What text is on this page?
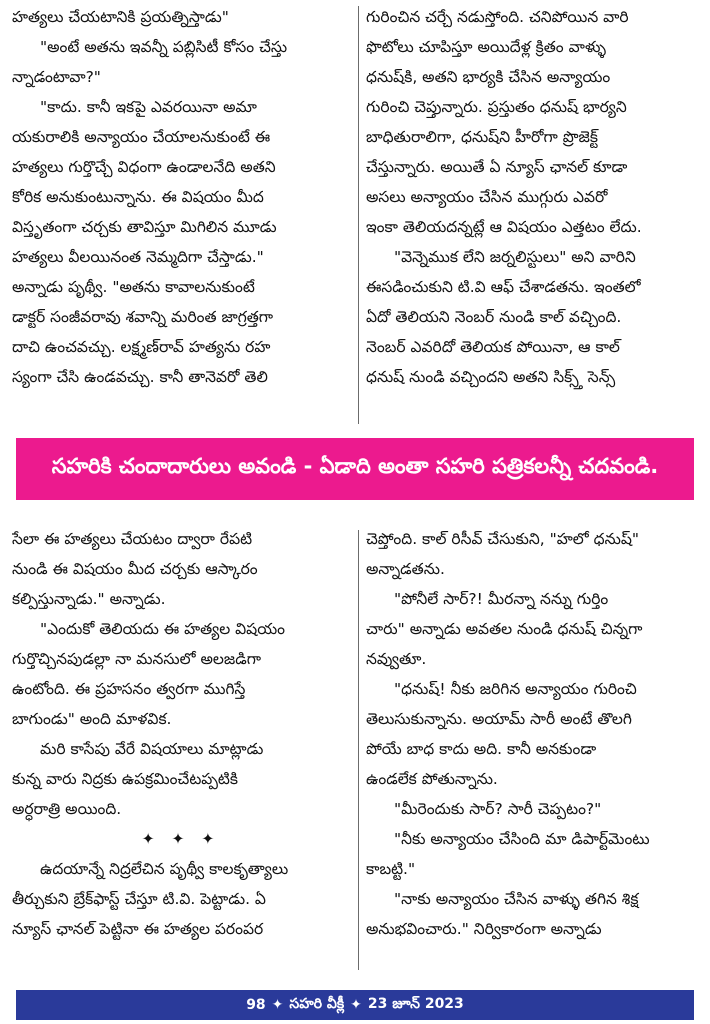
హత్యలు చేయటానికి ప్రయత్నిస్తాడు"
"అంటే అతను ఇవన్నీ పబ్లిసిటీ కోసం చేస్తు
న్నాడంటావా?"
"కాదు. కానీ ఇకపై ఎవరయినా అమా
యకురాలికి అన్యాయం చేయాలనుకుంటే ఈ
హత్యలు గుర్తొచ్చే విధంగా ఉండాలనేది అతని
కోరిక అనుకుంటున్నాను. ఈ విషయం మీద
విస్తృతంగా చర్చకు తావిస్తూ మిగిలిన మూడు
హత్యలు వీలయినంత నెమ్మదిగా చేస్తాడు."
అన్నాడు పృథ్వీ. "అతను కావాలనుకుంటే
డాక్టర్ సంజీవరావు శవాన్ని మరింత జాగ్రత్తగా
దాచి ఉంచవచ్చు. లక్ష్మణ్‌రావ్ హత్యను రహ
స్యంగా చేసి ఉండవచ్చు. కానీ తానెవరో తెలి
గురించిన చర్చే నడుస్తోంది. చనిపోయిన వారి
ఫొటోలు చూపిస్తూ అయిదేళ్ల క్రితం వాళ్ళు
ధనుష్‌కి, అతని భార్యకి చేసిన అన్యాయం
గురించి చెప్తున్నారు. ప్రస్తుతం ధనుష్ భార్యని
బాధితురాలిగా, ధనుష్‌ని హీరోగా ప్రొజెక్ట్
చేస్తున్నారు. అయితే ఏ న్యూస్ ఛానల్ కూడా
అసలు అన్యాయం చేసిన ముగ్గురు ఎవరో
ఇంకా తెలియదన్నట్లే ఆ విషయం ఎత్తటం లేదు.
"వెన్నెముక లేని జర్నలిస్టులు" అని వారిని
ఈసడించుకుని టి.వి ఆఫ్ చేశాడతను. ఇంతలో
ఏదో తెలియని నెంబర్ నుండి కాల్ వచ్చింది.
నెంబర్ ఎవరిదో తెలియక పోయినా, ఆ కాల్
ధనుష్ నుండి వచ్చిందని అతని సిక్స్త్ సెన్స్
సహరికి చందాదారులు అవండి - ఏడాది అంతా సహరి పత్రికలన్నీ చదవండి.
సేలా ఈ హత్యలు చేయటం ద్వారా రేపటి
నుండి ఈ విషయం మీద చర్చకు ఆస్కారం
కల్పిస్తున్నాడు." అన్నాడు.
"ఎందుకో తెలియదు ఈ హత్యల విషయం
గుర్తొచ్చినపుడల్లా నా మనసులో అలజడిగా
ఉంటోంది. ఈ ప్రహసనం త్వరగా ముగిస్తే
బాగుండు" అంది మాళవిక.
మరి కాసేపు వేరే విషయాలు మాట్లాడు
కున్న వారు నిద్రకు ఉపక్రమించేటప్పటికి
అర్ధరాత్రి అయింది.
✦ ✦ ✦
ఉదయాన్నే నిద్రలేచిన పృథ్వీ కాలకృత్యాలు
తీర్చుకుని బ్రేక్‌ఫాస్ట్ చేస్తూ టి.వి. పెట్టాడు. ఏ
న్యూస్ ఛానల్ పెట్టినా ఈ హత్యల పరంపర
చెప్తోంది. కాల్ రిసీవ్ చేసుకుని, "హలో ధనుష్"
అన్నాడతను.
"పోనీలే సార్?! మీరన్నా నన్ను గుర్తిం
చారు" అన్నాడు అవతల నుండి ధనుష్ చిన్నగా
నవ్వుతూ.
"ధనుష్! నీకు జరిగిన అన్యాయం గురించి
తెలుసుకున్నాను. అయామ్ సారీ అంటే తొలగి
పోయే బాధ కాదు అది. కానీ అనకుండా
ఉండలేక పోతున్నాను.
"మీరెందుకు సార్? సారీ చెప్పటం?"
"నీకు అన్యాయం చేసింది మా డిపార్ట్‌మెంటు
కాబట్టి."
"నాకు అన్యాయం చేసిన వాళ్ళు తగిన శిక్ష
అనుభవించారు." నిర్వికారంగా అన్నాడు
98 ✦ సహరి వీక్లీ ✦ 23 జూన్ 2023
